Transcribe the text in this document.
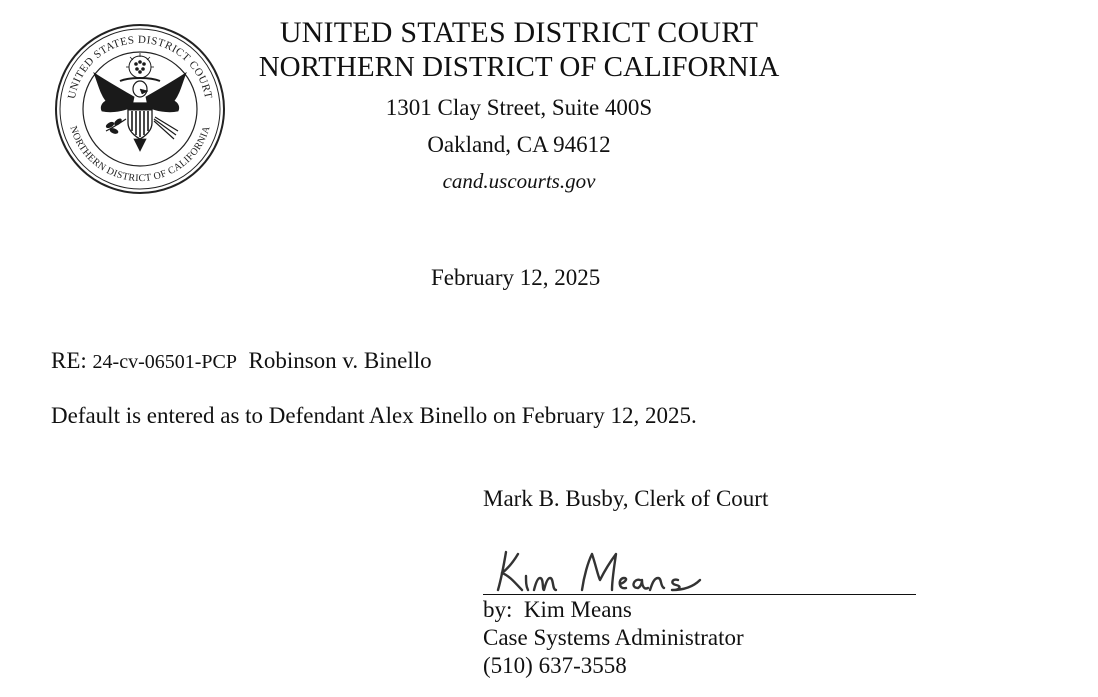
UNITED STATES DISTRICT COURT
NORTHERN DISTRICT OF CALIFORNIA
UNITED STATES DISTRICT COURT
NORTHERN DISTRICT OF CALIFORNIA
1301 Clay Street, Suite 400S
Oakland, CA 94612
cand.uscourts.gov
February 12, 2025
RE: 24-cv-06501-PCP  Robinson v. Binello
Default is entered as to Defendant Alex Binello on February 12, 2025.
Mark B. Busby, Clerk of Court
by:  Kim Means
Case Systems Administrator
(510) 637-3558
